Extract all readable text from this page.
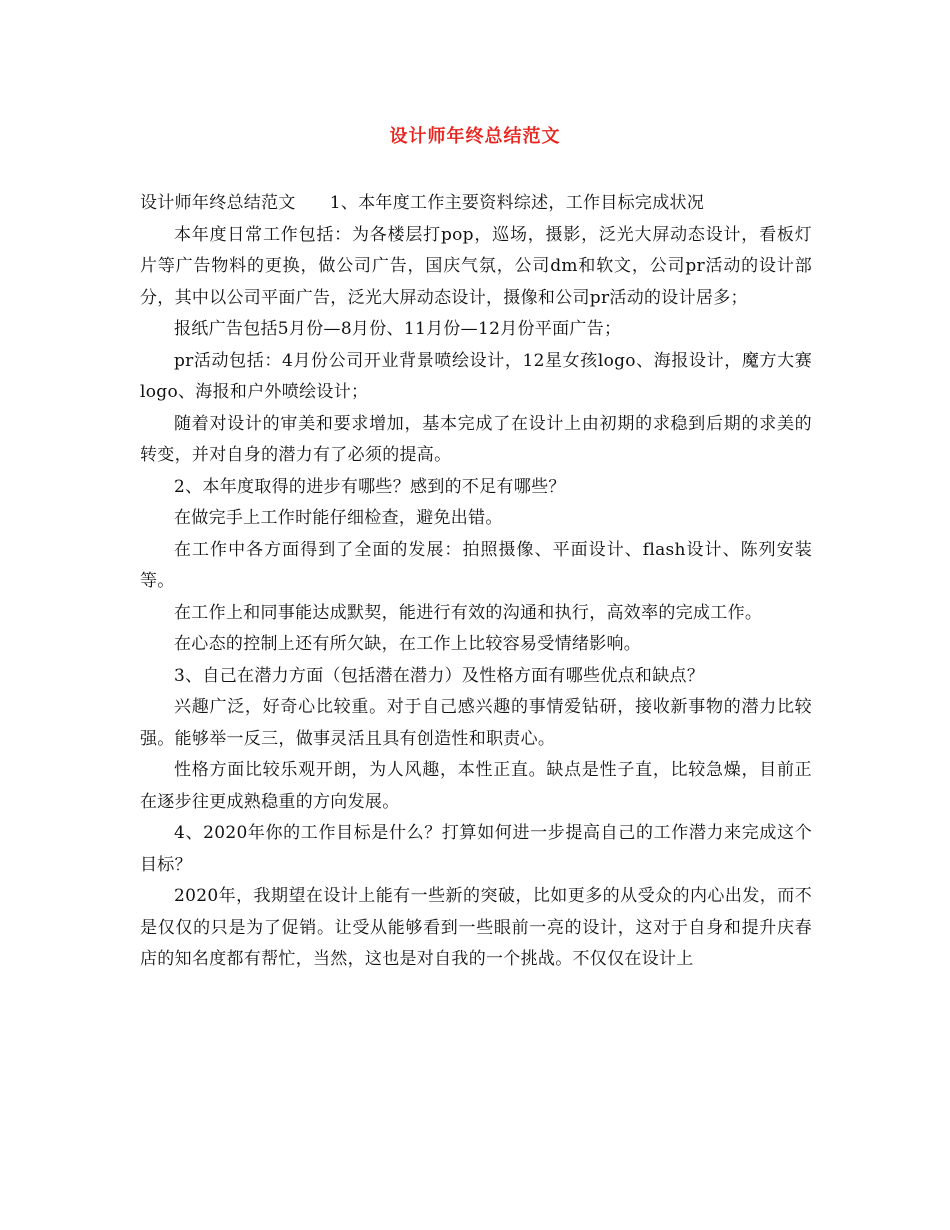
设计师年终总结范文

设计师年终总结范文 1、本年度工作主要资料综述，工作目标完成状况

本年度日常工作包括：为各楼层打pop，巡场，摄影，泛光大屏动态设计，看板灯片等广告物料的更换，做公司广告，国庆气氛，公司dm和软文，公司pr活动的设计部分，其中以公司平面广告，泛光大屏动态设计，摄像和公司pr活动的设计居多；

报纸广告包括5月份—8月份、11月份—12月份平面广告；

pr活动包括：4月份公司开业背景喷绘设计，12星女孩logo、海报设计，魔方大赛logo、海报和户外喷绘设计；

随着对设计的审美和要求增加，基本完成了在设计上由初期的求稳到后期的求美的转变，并对自身的潜力有了必须的提高。

2、本年度取得的进步有哪些？感到的不足有哪些？

在做完手上工作时能仔细检查，避免出错。

在工作中各方面得到了全面的发展：拍照摄像、平面设计、flash设计、陈列安装等。

在工作上和同事能达成默契，能进行有效的沟通和执行，高效率的完成工作。

在心态的控制上还有所欠缺，在工作上比较容易受情绪影响。

3、自己在潜力方面（包括潜在潜力）及性格方面有哪些优点和缺点？

兴趣广泛，好奇心比较重。对于自己感兴趣的事情爱钻研，接收新事物的潜力比较强。能够举一反三，做事灵活且具有创造性和职责心。

性格方面比较乐观开朗，为人风趣，本性正直。缺点是性子直，比较急燥，目前正在逐步往更成熟稳重的方向发展。

4、2020年你的工作目标是什么？打算如何进一步提高自己的工作潜力来完成这个目标？

2020年，我期望在设计上能有一些新的突破，比如更多的从受众的内心出发，而不是仅仅的只是为了促销。让受从能够看到一些眼前一亮的设计，这对于自身和提升庆春店的知名度都有帮忙，当然，这也是对自我的一个挑战。不仅仅在设计上
